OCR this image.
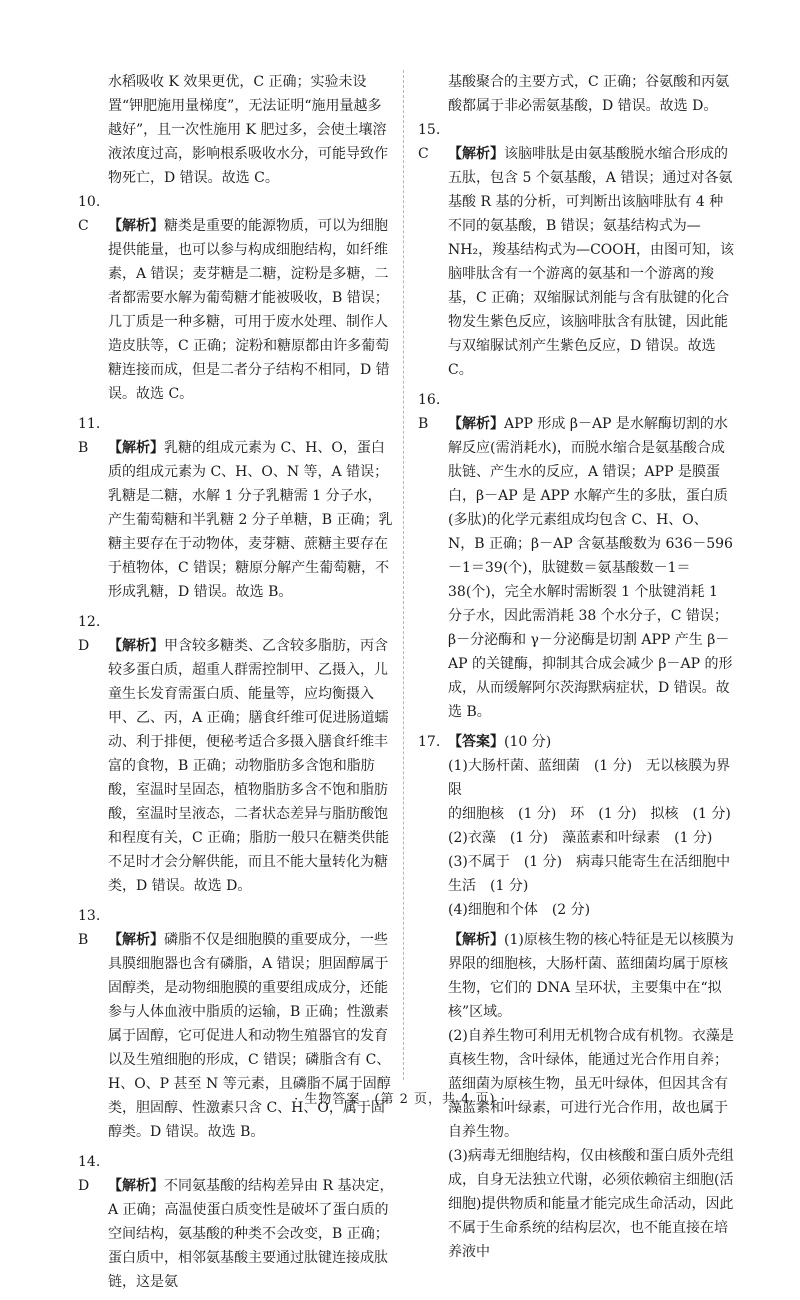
水稻吸收 K 效果更优，C 正确；实验未设置“钾肥施用量梯度”，无法证明“施用量越多越好”，且一次性施用 K 肥过多，会使土壤溶液浓度过高，影响根系吸收水分，可能导致作物死亡，D 错误。故选 C。

10. C 【解析】糖类是重要的能源物质，可以为细胞提供能量，也可以参与构成细胞结构，如纤维素，A 错误；麦芽糖是二糖，淀粉是多糖，二者都需要水解为葡萄糖才能被吸收，B 错误；几丁质是一种多糖，可用于废水处理、制作人造皮肤等，C 正确；淀粉和糖原都由许多葡萄糖连接而成，但是二者分子结构不相同，D 错误。故选 C。
11. B 【解析】乳糖的组成元素为 C、H、O，蛋白质的组成元素为 C、H、O、N 等，A 错误；乳糖是二糖，水解 1 分子乳糖需 1 分子水，产生葡萄糖和半乳糖 2 分子单糖，B 正确；乳糖主要存在于动物体，麦芽糖、蔗糖主要存在于植物体，C 错误；糖原分解产生葡萄糖，不形成乳糖，D 错误。故选 B。
12. D 【解析】甲含较多糖类、乙含较多脂肪，丙含较多蛋白质，超重人群需控制甲、乙摄入，儿童生长发育需蛋白质、能量等，应均衡摄入甲、乙、丙，A 正确；膳食纤维可促进肠道蠕动、利于排便，便秘考适合多摄入膳食纤维丰富的食物，B 正确；动物脂肪多含饱和脂肪酸，室温时呈固态，植物脂肪多含不饱和脂肪酸，室温时呈液态，二者状态差异与脂肪酸饱和程度有关，C 正确；脂肪一般只在糖类供能不足时才会分解供能，而且不能大量转化为糖类，D 错误。故选 D。
13. B 【解析】磷脂不仅是细胞膜的重要成分，一些具膜细胞器也含有磷脂，A 错误；胆固醇属于固醇类，是动物细胞膜的重要组成成分，还能参与人体血液中脂质的运输，B 正确；性激素属于固醇，它可促进人和动物生殖器官的发育以及生殖细胞的形成，C 错误；磷脂含有 C、H、O、P 甚至 N 等元素，且磷脂不属于固醇类，胆固醇、性激素只含 C、H、O，属于固醇类。D 错误。故选 B。
14. D 【解析】不同氨基酸的结构差异由 R 基决定，A 正确；高温使蛋白质变性是破坏了蛋白质的空间结构，氨基酸的种类不会改变，B 正确；蛋白质中，相邻氨基酸主要通过肽键连接成肽链，这是氨

基酸聚合的主要方式，C 正确；谷氨酸和丙氨酸都属于非必需氨基酸，D 错误。故选 D。

15. C 【解析】该脑啡肽是由氨基酸脱水缩合形成的五肽，包含 5 个氨基酸，A 错误；通过对各氨基酸 R 基的分析，可判断出该脑啡肽有 4 种不同的氨基酸，B 错误；氨基结构式为—NH₂，羧基结构式为—COOH，由图可知，该脑啡肽含有一个游离的氨基和一个游离的羧基，C 正确；双缩脲试剂能与含有肽键的化合物发生紫色反应，该脑啡肽含有肽键，因此能与双缩脲试剂产生紫色反应，D 错误。故选 C。
16. B 【解析】APP 形成 β－AP 是水解酶切割的水解反应(需消耗水)，而脱水缩合是氨基酸合成肽链、产生水的反应，A 错误；APP 是膜蛋白，β－AP 是 APP 水解产生的多肽，蛋白质(多肽)的化学元素组成均包含 C、H、O、N，B 正确；β－AP 含氨基酸数为 636－596－1＝39(个)，肽键数＝氨基酸数－1＝38(个)，完全水解时需断裂 1 个肽键消耗 1 分子水，因此需消耗 38 个水分子，C 错误；β－分泌酶和 γ－分泌酶是切割 APP 产生 β－AP 的关键酶，抑制其合成会减少 β－AP 的形成，从而缓解阿尔茨海默病症状，D 错误。故选 B。
17. 【答案】(10 分)
(1)大肠杆菌、蓝细菌　(1 分)　无以核膜为界限
的细胞核　(1 分)　环　(1 分)　拟核　(1 分)
(2)衣藻　(1 分)　藻蓝素和叶绿素　(1 分)
(3)不属于　(1 分)　病毒只能寄生在活细胞中
生活　(1 分)
(4)细胞和个体　(2 分)
【解析】(1)原核生物的核心特征是无以核膜为界限的细胞核，大肠杆菌、蓝细菌均属于原核生物，它们的 DNA 呈环状，主要集中在“拟核”区域。
(2)自养生物可利用无机物合成有机物。衣藻是真核生物，含叶绿体，能通过光合作用自养；蓝细菌为原核生物，虽无叶绿体，但因其含有藻蓝素和叶绿素，可进行光合作用，故也属于自养生物。
(3)病毒无细胞结构，仅由核酸和蛋白质外壳组成，自身无法独立代谢，必须依赖宿主细胞(活细胞)提供物质和能量才能完成生命活动，因此不属于生命系统的结构层次，也不能直接在培养液中
· 生物答案　(第 2 页，共 4 页) ·
